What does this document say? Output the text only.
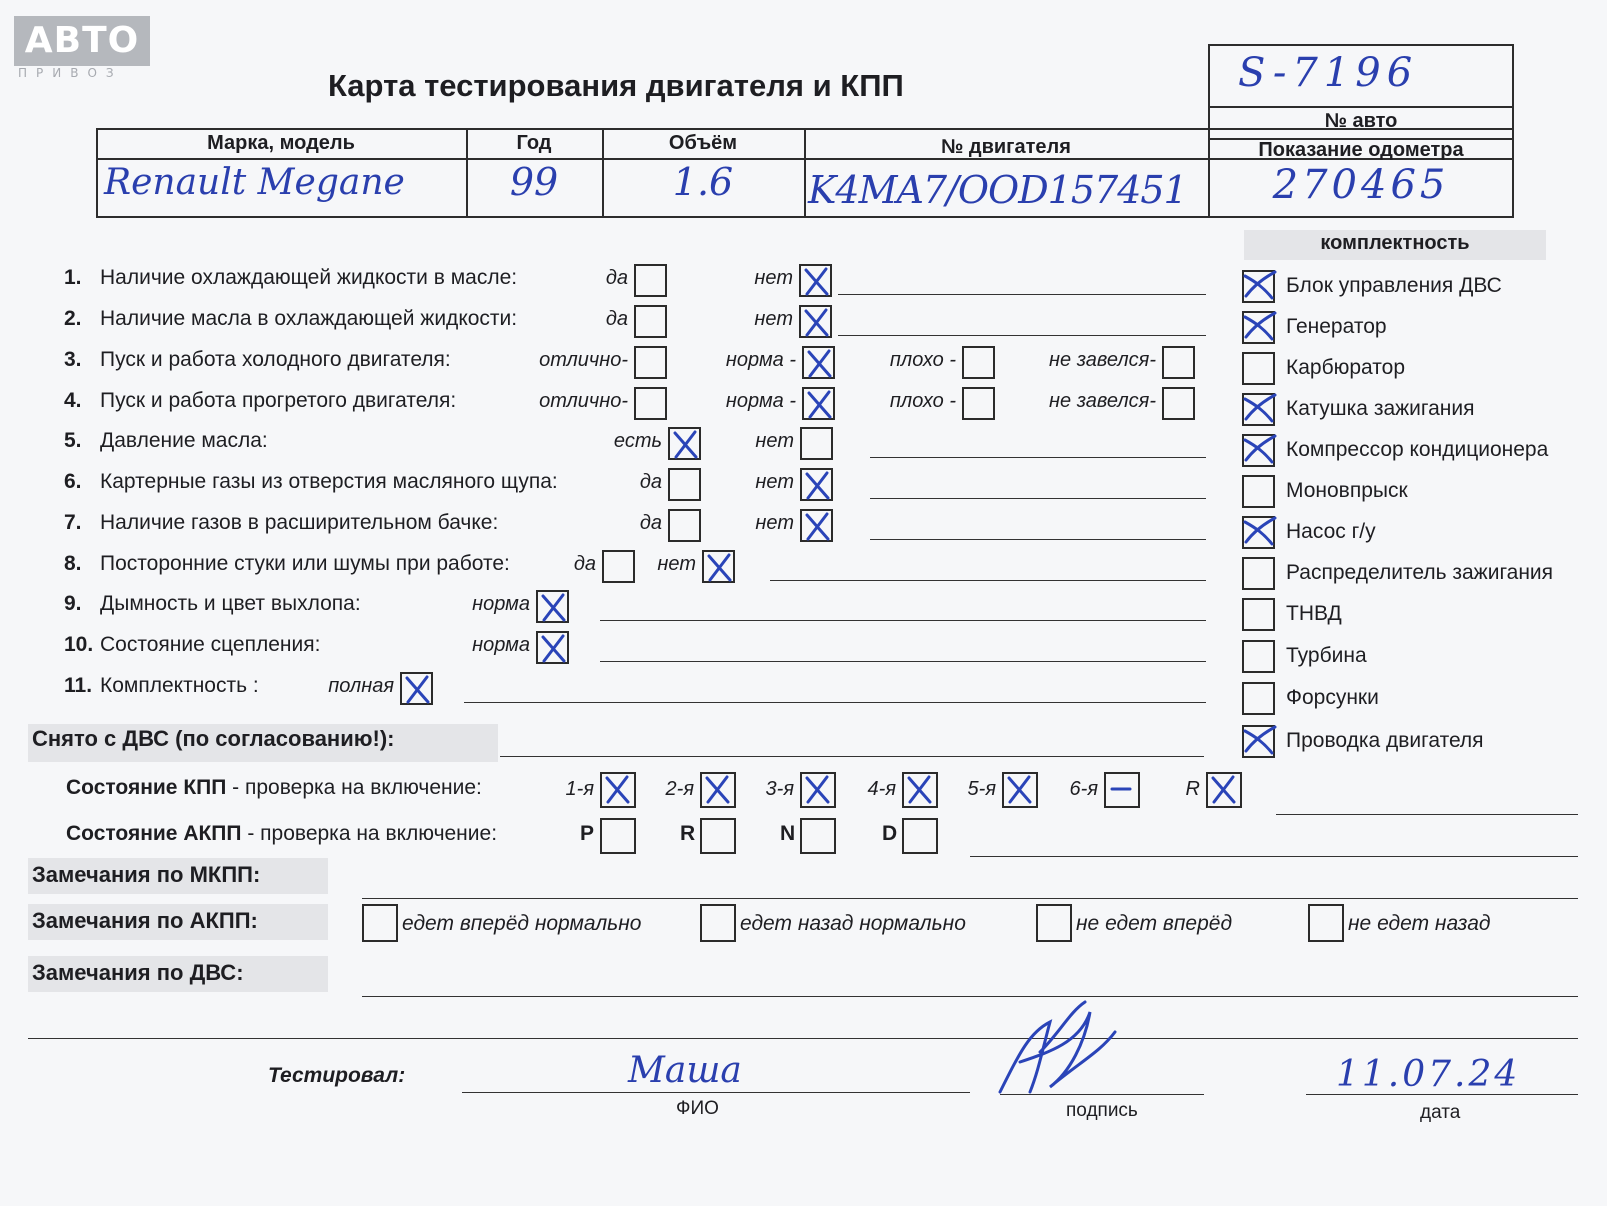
АВТО
ПРИВОЗ	Карта тестирования двигателя и КПП	S-7196
№ авто
Марка, модель	Год	Объём	№ двигателя	Показание одометра
Renault Megane	99	1.6	K4MA7/OOD157451	270465
1. Наличие охлаждающей жидкости в масле:	да	нет
2. Наличие масла в охлаждающей жидкости:	да	нет
3. Пуск и работа холодного двигателя:	отлично-	норма -	плохо -	не завелся-
4. Пуск и работа прогретого двигателя:	отлично-	норма -	плохо -	не завелся-
5. Давление масла:	есть	нет
6. Картерные газы из отверстия масляного щупа:	да	нет
7. Наличие газов в расширительном бачке:	да	нет
8. Посторонние стуки или шумы при работе:	да	нет
9. Дымность и цвет выхлопа:	норма
10. Состояние сцепления:	норма
11. Комплектность :	полная
комплектность
Блок управления ДВС
Генератор
Карбюратор
Катушка зажигания
Компрессор кондиционера
Моновпрыск
Насос г/у
Распределитель зажигания
ТНВД
Турбина
Форсунки
Проводка двигателя
Снято с ДВС (по согласованию!):
Состояние КПП - проверка на включение:	1-я	2-я	3-я	4-я	5-я	6-я	R
Состояние АКПП - проверка на включение:	P	R	N	D
Замечания по МКПП:
Замечания по АКПП:	едет вперёд нормально	едет назад нормально	не едет вперёд	не едет назад
Замечания по ДВС:
Тестировал:	Маша
ФИО	подпись
11.07.24
дата
